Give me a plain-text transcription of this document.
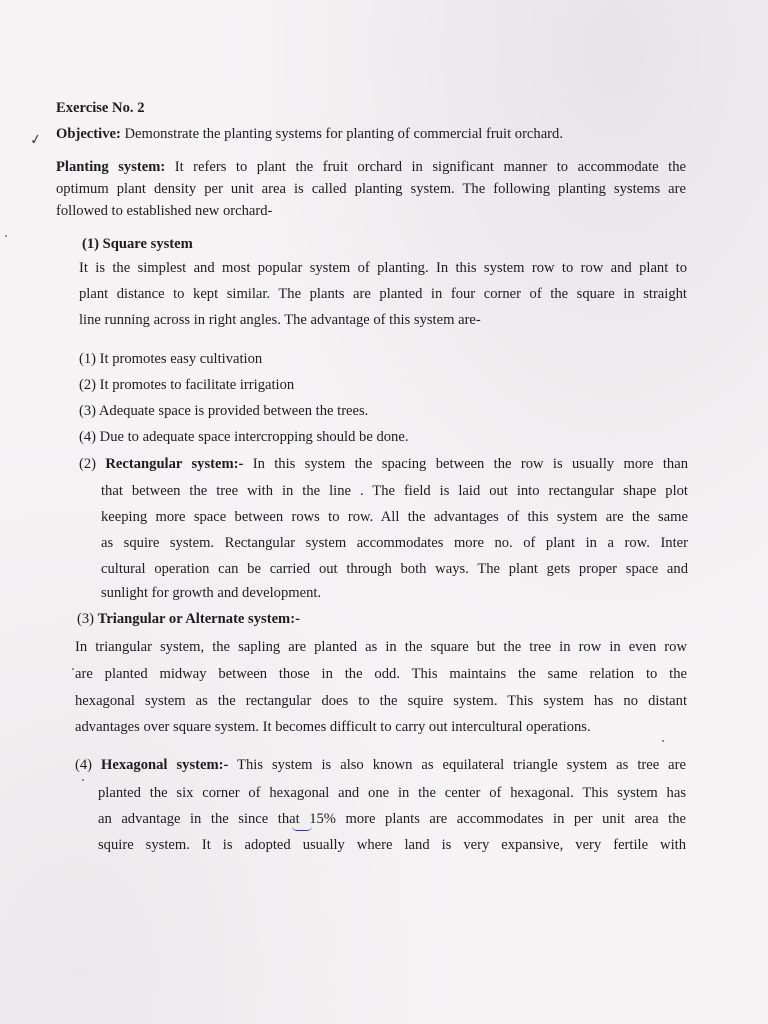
✓
Exercise No. 2
Objective: Demonstrate the planting systems for planting of commercial fruit orchard.
Planting system: It refers to plant the fruit orchard in significant manner to accommodate the
optimum plant density per unit area is called planting system. The following planting systems are
followed to established new orchard-
(1) Square system
It is the simplest and most popular system of planting. In this system row to row and plant to
plant distance to kept similar. The plants are planted in four corner of the square in straight
line running across in right angles. The advantage of this system are-
(1) It promotes easy cultivation
(2) It promotes to facilitate irrigation
(3) Adequate space is provided between the trees.
(4) Due to adequate space intercropping should be done.
(2) Rectangular system:- In this system the spacing between the row is usually more than
that between the tree with in the line . The field is laid out into rectangular shape plot
keeping more space between rows to row. All the advantages of this system are the same
as squire system. Rectangular system accommodates more no. of plant in a row. Inter
cultural operation can be carried out through both ways. The plant gets proper space and
sunlight for growth and development.
(3) Triangular or Alternate system:-
In triangular system, the sapling are planted as in the square but the tree in row in even row
are planted midway between those in the odd. This maintains the same relation to the
hexagonal system as the rectangular does to the squire system. This system has no distant
advantages over square system. It becomes difficult to carry out intercultural operations.
(4) Hexagonal system:- This system is also known as equilateral triangle system as tree are
planted the six corner of hexagonal and one in the center of hexagonal. This system has
an advantage in the since that 15% more plants are accommodates in per unit area the
squire system. It is adopted usually where land is very expansive, very fertile with
